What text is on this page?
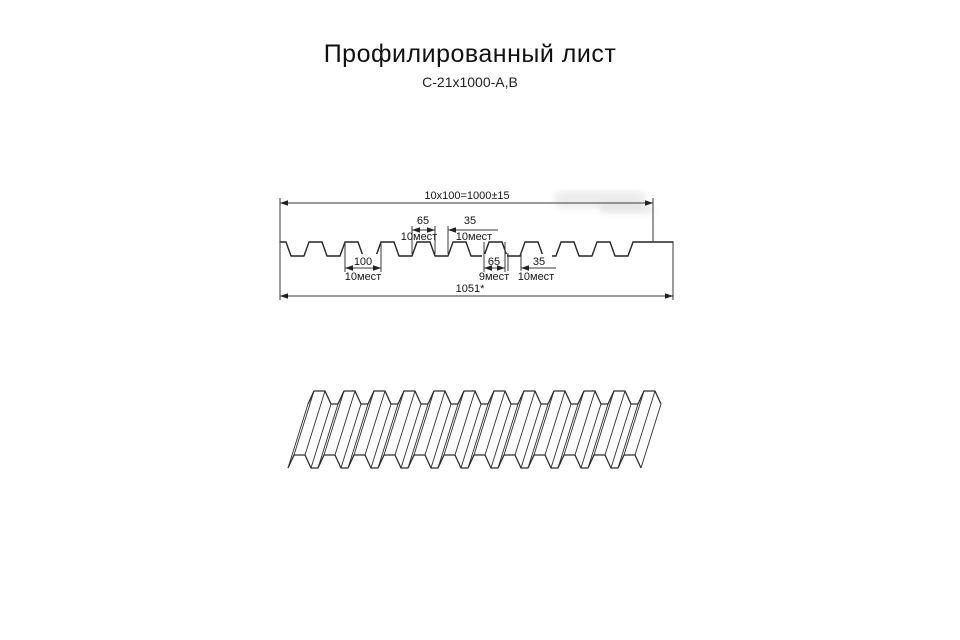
Профилированный лист
С-21x1000-А,В
10x100=1000±15
65
10мест
35
10мест
100
10мест
65
9мест
35
10мест
1051*
